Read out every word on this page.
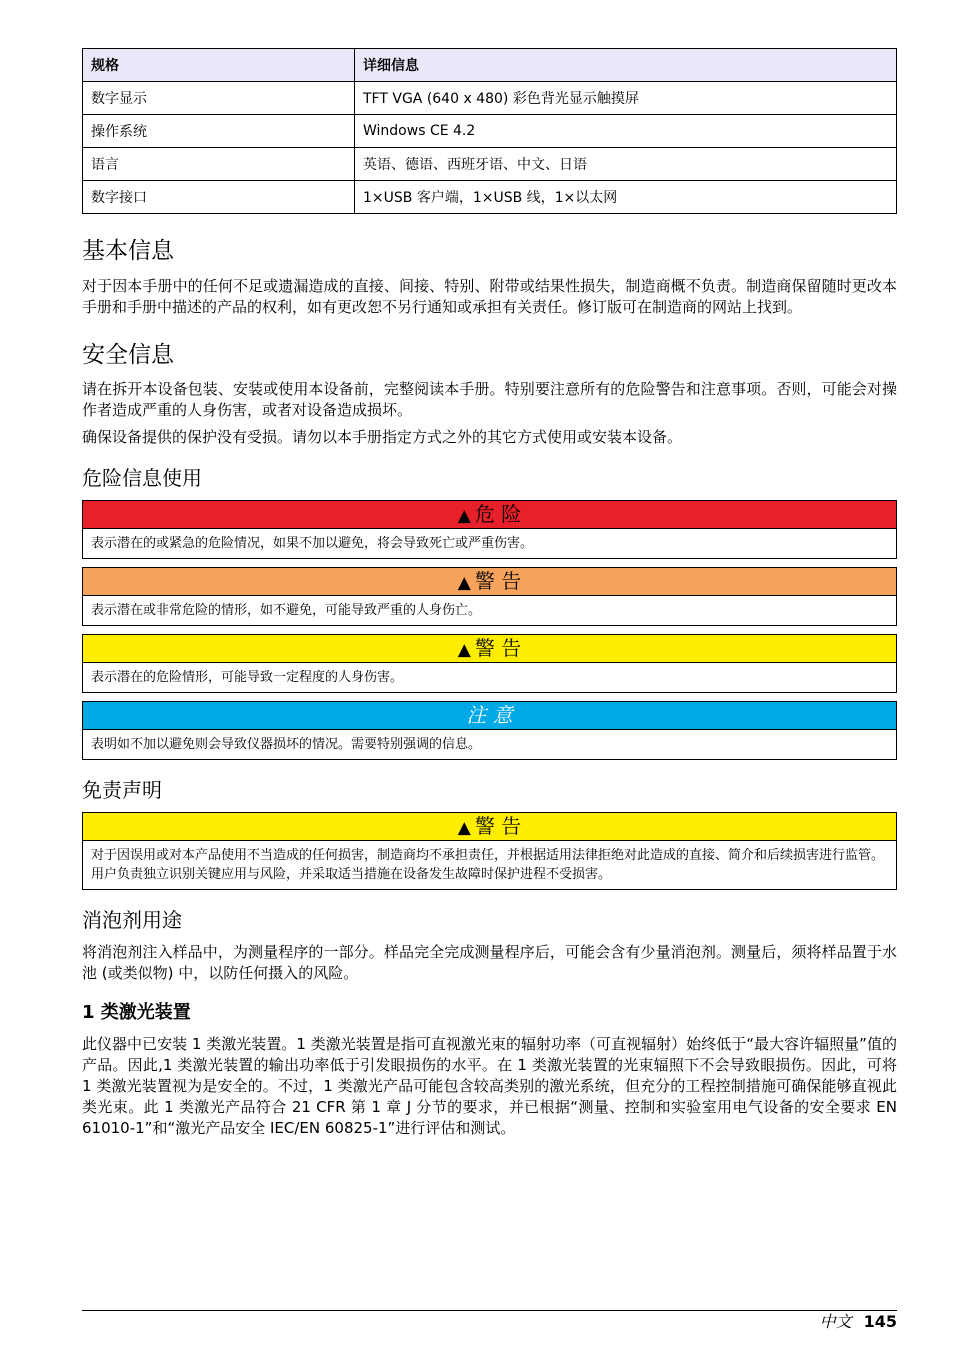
规格	详细信息
数字显示	TFT VGA (640 x 480) 彩色背光显示触摸屏
操作系统	Windows CE 4.2
语言	英语、德语、西班牙语、中文、日语
数字接口	1×USB 客户端，1×USB 线，1×以太网
基本信息

对于因本手册中的任何不足或遗漏造成的直接、间接、特别、附带或结果性损失，制造商概不负责。制造商保留随时更改本手册和手册中描述的产品的权利，如有更改恕不另行通知或承担有关责任。修订版可在制造商的网站上找到。

安全信息

请在拆开本设备包装、安装或使用本设备前，完整阅读本手册。特别要注意所有的危险警告和注意事项。否则，可能会对操作者造成严重的人身伤害，或者对设备造成损坏。

确保设备提供的保护没有受损。请勿以本手册指定方式之外的其它方式使用或安装本设备。

危险信息使用
▲ 危 险
表示潜在的或紧急的危险情况，如果不加以避免，将会导致死亡或严重伤害。
▲ 警 告
表示潜在或非常危险的情形，如不避免，可能导致严重的人身伤亡。
▲ 警 告
表示潜在的危险情形，可能导致一定程度的人身伤害。
注 意
表明如不加以避免则会导致仪器损坏的情况。需要特别强调的信息。
免责声明
▲ 警 告
对于因误用或对本产品使用不当造成的任何损害，制造商均不承担责任，并根据适用法律拒绝对此造成的直接、简介和后续损害进行监管。用户负责独立识别关键应用与风险，并采取适当措施在设备发生故障时保护进程不受损害。
消泡剂用途

将消泡剂注入样品中，为测量程序的一部分。样品完全完成测量程序后，可能会含有少量消泡剂。测量后，须将样品置于水池 (或类似物) 中，以防任何摄入的风险。

1 类激光装置

此仪器中已安装 1 类激光装置。1 类激光装置是指可直视激光束的辐射功率（可直视辐射）始终低于“最大容许辐照量”值的产品。因此,1 类激光装置的输出功率低于引发眼损伤的水平。在 1 类激光装置的光束辐照下不会导致眼损伤。因此，可将 1 类激光装置视为是安全的。不过，1 类激光产品可能包含较高类别的激光系统，但充分的工程控制措施可确保能够直视此类光束。此 1 类激光产品符合 21 CFR 第 1 章 J 分节的要求，并已根据“测量、控制和实验室用电气设备的安全要求 EN 61010-1”和“激光产品安全 IEC/EN 60825-1”进行评估和测试。

中文 145
